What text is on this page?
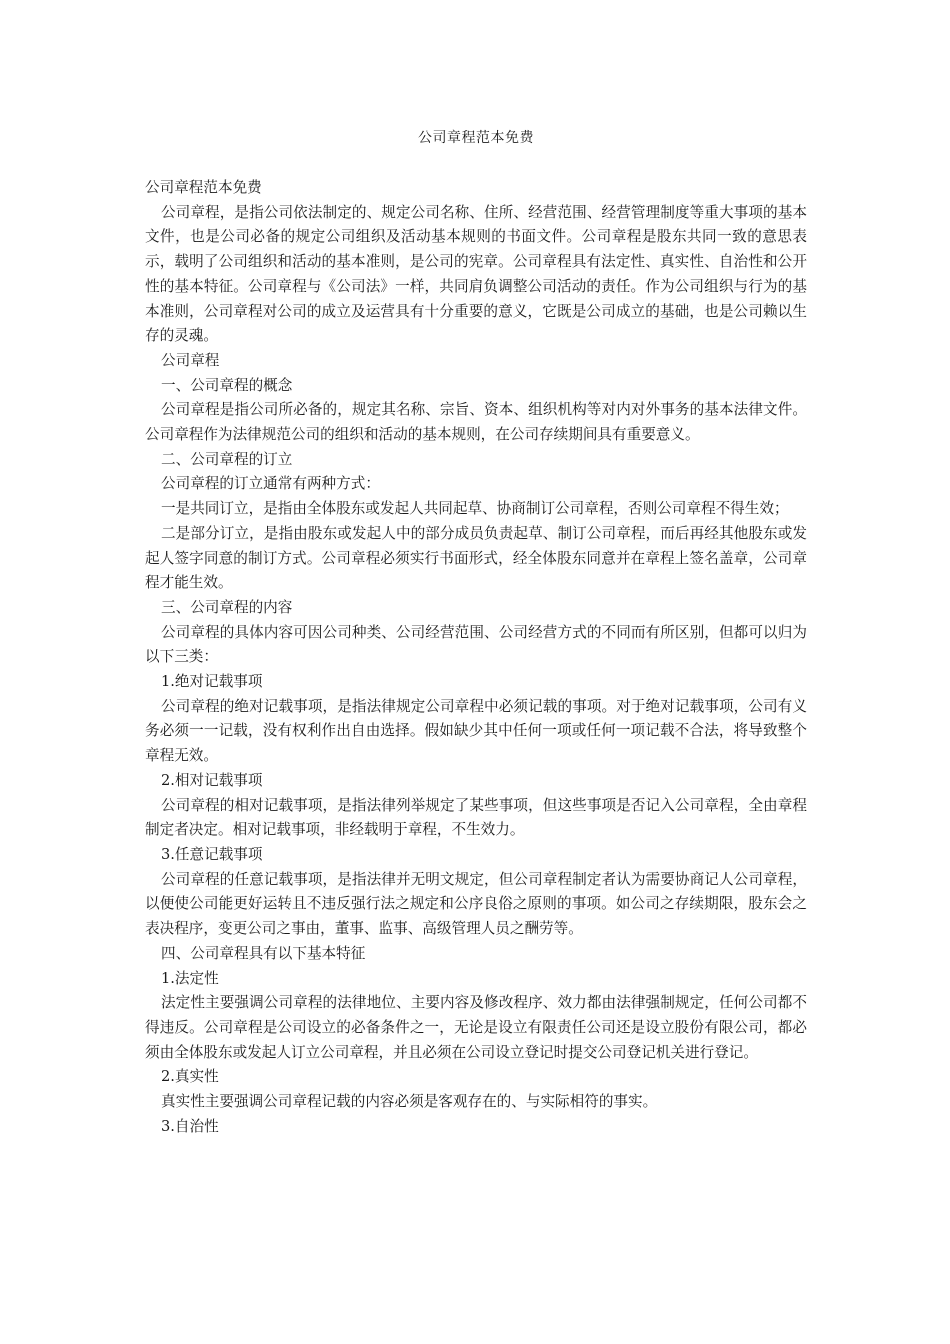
公司章程范本免费

公司章程范本免费

公司章程，是指公司依法制定的、规定公司名称、住所、经营范围、经营管理制度等重大事项的基本文件，也是公司必备的规定公司组织及活动基本规则的书面文件。公司章程是股东共同一致的意思表示，载明了公司组织和活动的基本准则，是公司的宪章。公司章程具有法定性、真实性、自治性和公开性的基本特征。公司章程与《公司法》一样，共同肩负调整公司活动的责任。作为公司组织与行为的基本准则，公司章程对公司的成立及运营具有十分重要的意义，它既是公司成立的基础，也是公司赖以生存的灵魂。

公司章程

一、公司章程的概念

公司章程是指公司所必备的，规定其名称、宗旨、资本、组织机构等对内对外事务的基本法律文件。公司章程作为法律规范公司的组织和活动的基本规则，在公司存续期间具有重要意义。

二、公司章程的订立

公司章程的订立通常有两种方式：

一是共同订立，是指由全体股东或发起人共同起草、协商制订公司章程，否则公司章程不得生效；

二是部分订立，是指由股东或发起人中的部分成员负责起草、制订公司章程，而后再经其他股东或发起人签字同意的制订方式。公司章程必须实行书面形式，经全体股东同意并在章程上签名盖章，公司章程才能生效。

三、公司章程的内容

公司章程的具体内容可因公司种类、公司经营范围、公司经营方式的不同而有所区别，但都可以归为以下三类：

1.绝对记载事项

公司章程的绝对记载事项，是指法律规定公司章程中必须记载的事项。对于绝对记载事项，公司有义务必须一一记载，没有权利作出自由选择。假如缺少其中任何一项或任何一项记载不合法，将导致整个章程无效。

2.相对记载事项

公司章程的相对记载事项，是指法律列举规定了某些事项，但这些事项是否记入公司章程，全由章程制定者决定。相对记载事项，非经载明于章程，不生效力。

3.任意记载事项

公司章程的任意记载事项，是指法律并无明文规定，但公司章程制定者认为需要协商记人公司章程，以便使公司能更好运转且不违反强行法之规定和公序良俗之原则的事项。如公司之存续期限，股东会之表决程序，变更公司之事由，董事、监事、高级管理人员之酬劳等。

四、公司章程具有以下基本特征

1.法定性

法定性主要强调公司章程的法律地位、主要内容及修改程序、效力都由法律强制规定，任何公司都不得违反。公司章程是公司设立的必备条件之一，无论是设立有限责任公司还是设立股份有限公司，都必须由全体股东或发起人订立公司章程，并且必须在公司设立登记时提交公司登记机关进行登记。

2.真实性

真实性主要强调公司章程记载的内容必须是客观存在的、与实际相符的事实。

3.自治性
